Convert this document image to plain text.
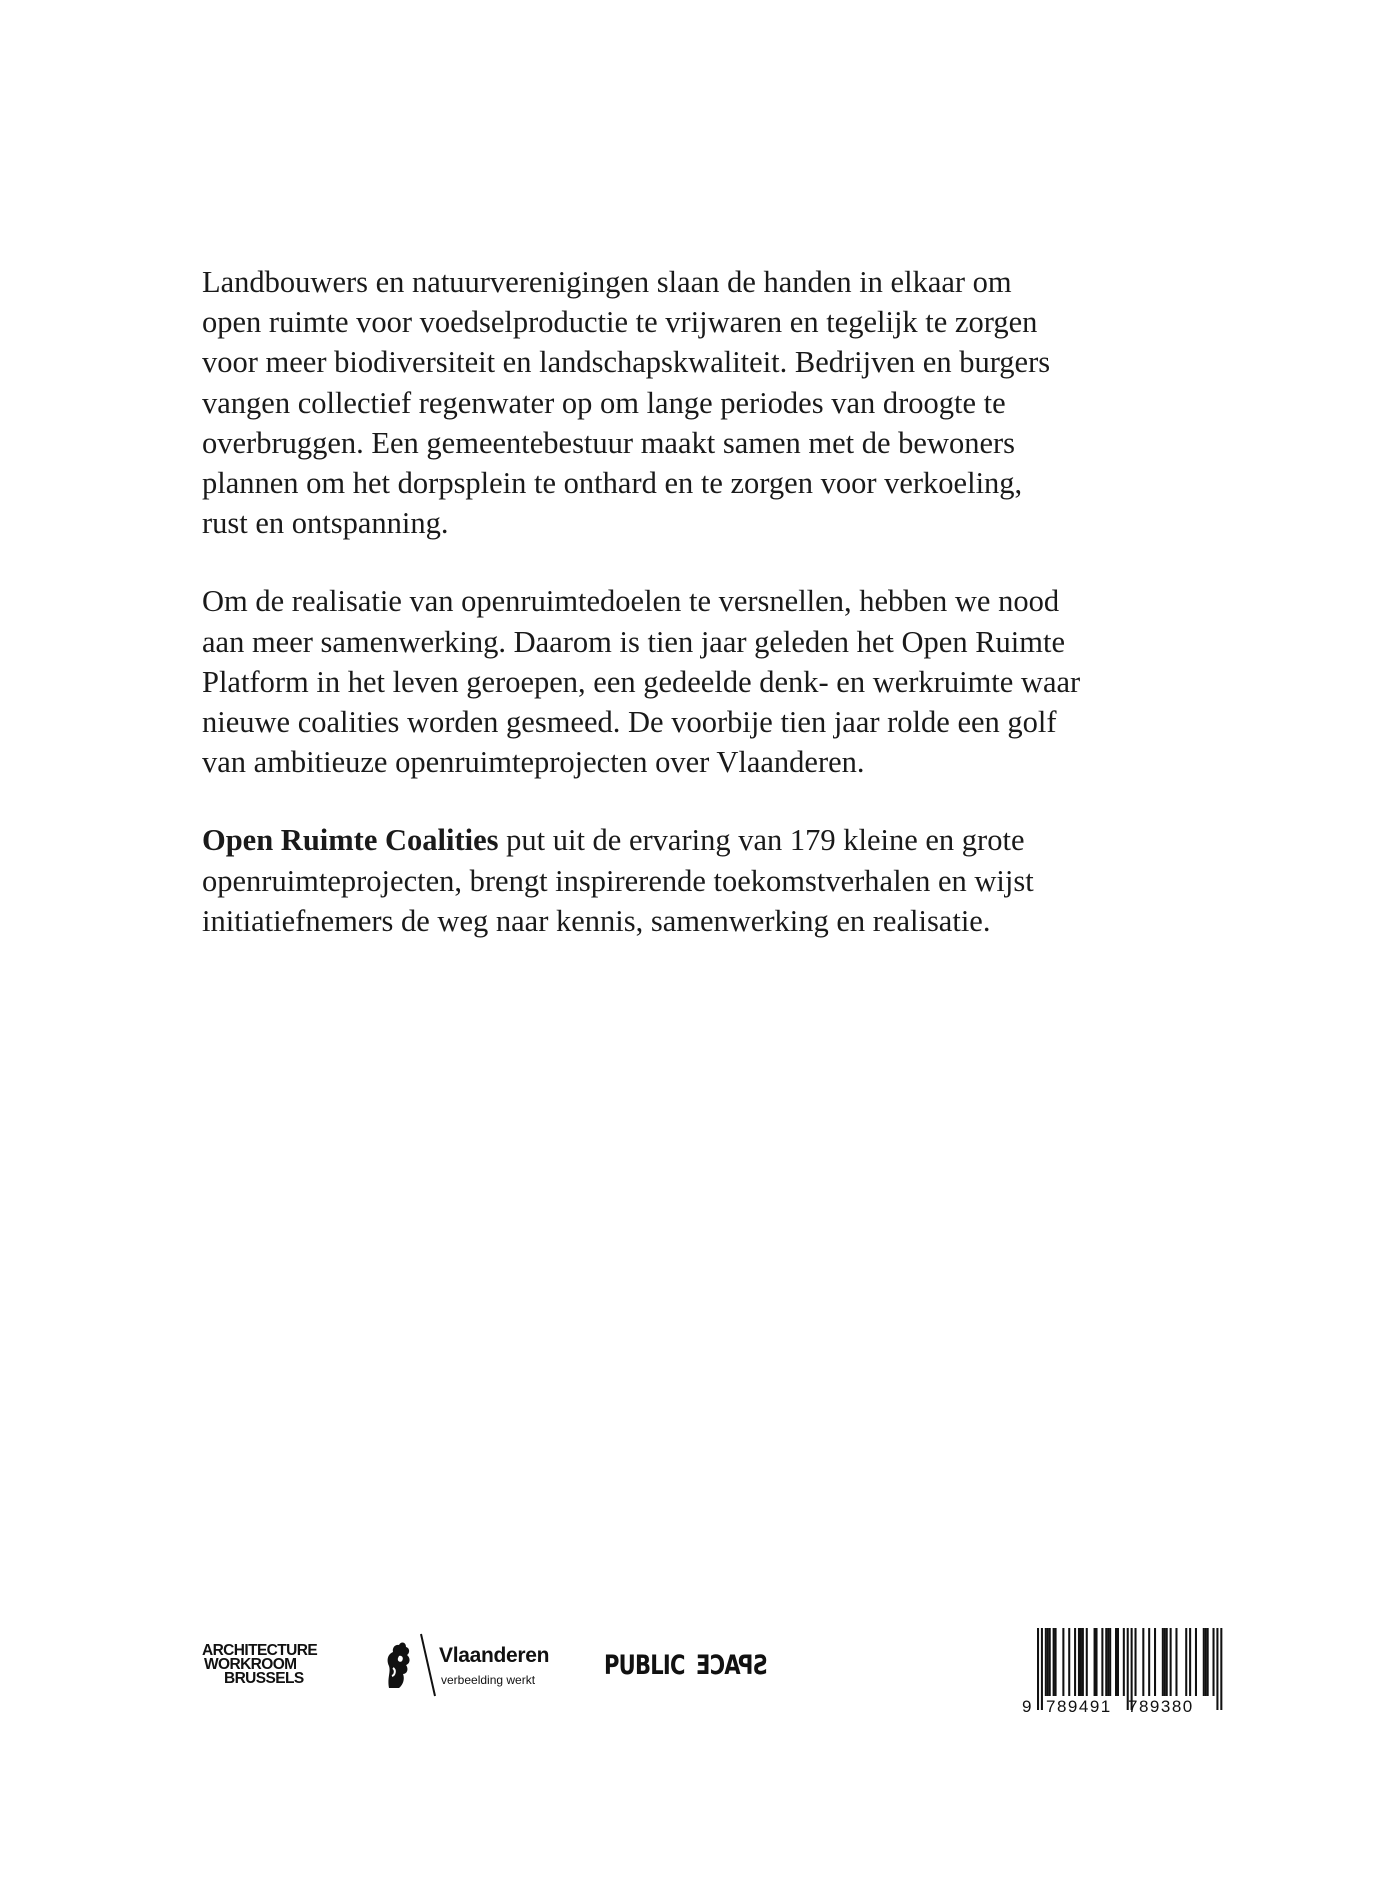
Landbouwers en natuurverenigingen slaan de handen in elkaar om
open ruimte voor voedselproductie te vrijwaren en tegelijk te zorgen
voor meer biodiversiteit en landschapskwaliteit. Bedrijven en burgers
vangen collectief regenwater op om lange periodes van droogte te
overbruggen. Een gemeentebestuur maakt samen met de bewoners
plannen om het dorpsplein te onthard en te zorgen voor verkoeling,
rust en ontspanning.

Om de realisatie van openruimtedoelen te versnellen, hebben we nood
aan meer samenwerking. Daarom is tien jaar geleden het Open Ruimte
Platform in het leven geroepen, een gedeelde denk- en werkruimte waar
nieuwe coalities worden gesmeed. De voorbije tien jaar rolde een golf
van ambitieuze openruimteprojecten over Vlaanderen.

Open Ruimte Coalities put uit de ervaring van 179 kleine en grote
openruimteprojecten, brengt inspirerende toekomstverhalen en wijst
initiatiefnemers de weg naar kennis, samenwerking en realisatie.

ARCHITECTURE
WORKROOM
BRUSSELS
Vlaanderen
verbeelding werkt	PUBLIC SPACE
9 789491 789380
